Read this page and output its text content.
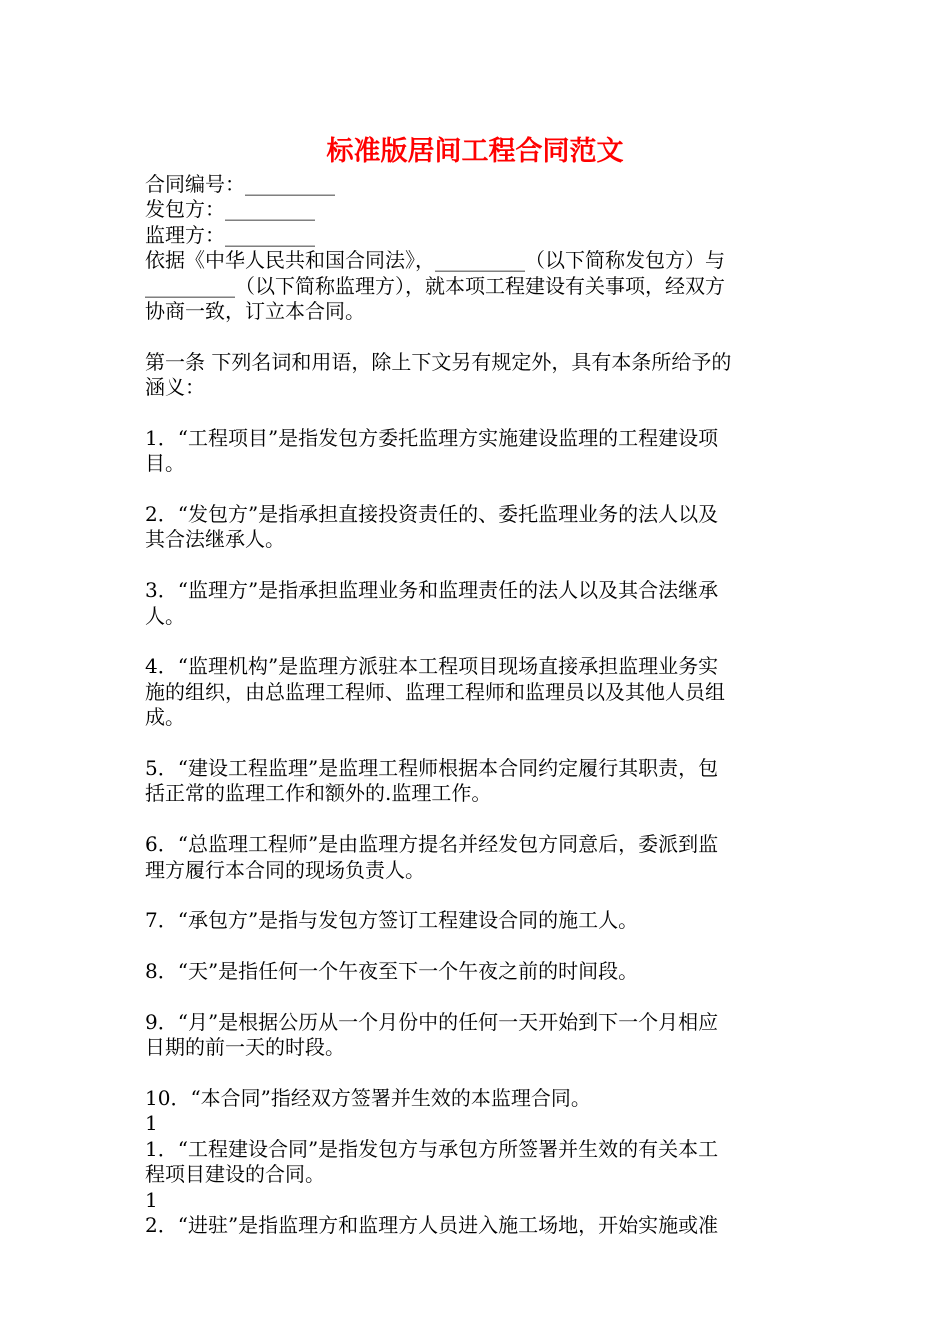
标准版居间工程合同范文
合同编号：_________
发包方：_________
监理方：_________
依据《中华人民共和国合同法》，_________（以下简称发包方）与
_________（以下简称监理方），就本项工程建设有关事项，经双方
协商一致，订立本合同。
第一条 下列名词和用语，除上下文另有规定外，具有本条所给予的
涵义：
1．“工程项目”是指发包方委托监理方实施建设监理的工程建设项
目。
2．“发包方”是指承担直接投资责任的、委托监理业务的法人以及
其合法继承人。
3．“监理方”是指承担监理业务和监理责任的法人以及其合法继承
人。
4．“监理机构”是监理方派驻本工程项目现场直接承担监理业务实
施的组织，由总监理工程师、监理工程师和监理员以及其他人员组
成。
5．“建设工程监理”是监理工程师根据本合同约定履行其职责，包
括正常的监理工作和额外的.监理工作。
6．“总监理工程师”是由监理方提名并经发包方同意后，委派到监
理方履行本合同的现场负责人。
7．“承包方”是指与发包方签订工程建设合同的施工人。
8．“天”是指任何一个午夜至下一个午夜之前的时间段。
9．“月”是根据公历从一个月份中的任何一天开始到下一个月相应
日期的前一天的时段。
10．“本合同”指经双方签署并生效的本监理合同。
1
1．“工程建设合同”是指发包方与承包方所签署并生效的有关本工
程项目建设的合同。
1
2．“进驻”是指监理方和监理方人员进入施工场地，开始实施或准
